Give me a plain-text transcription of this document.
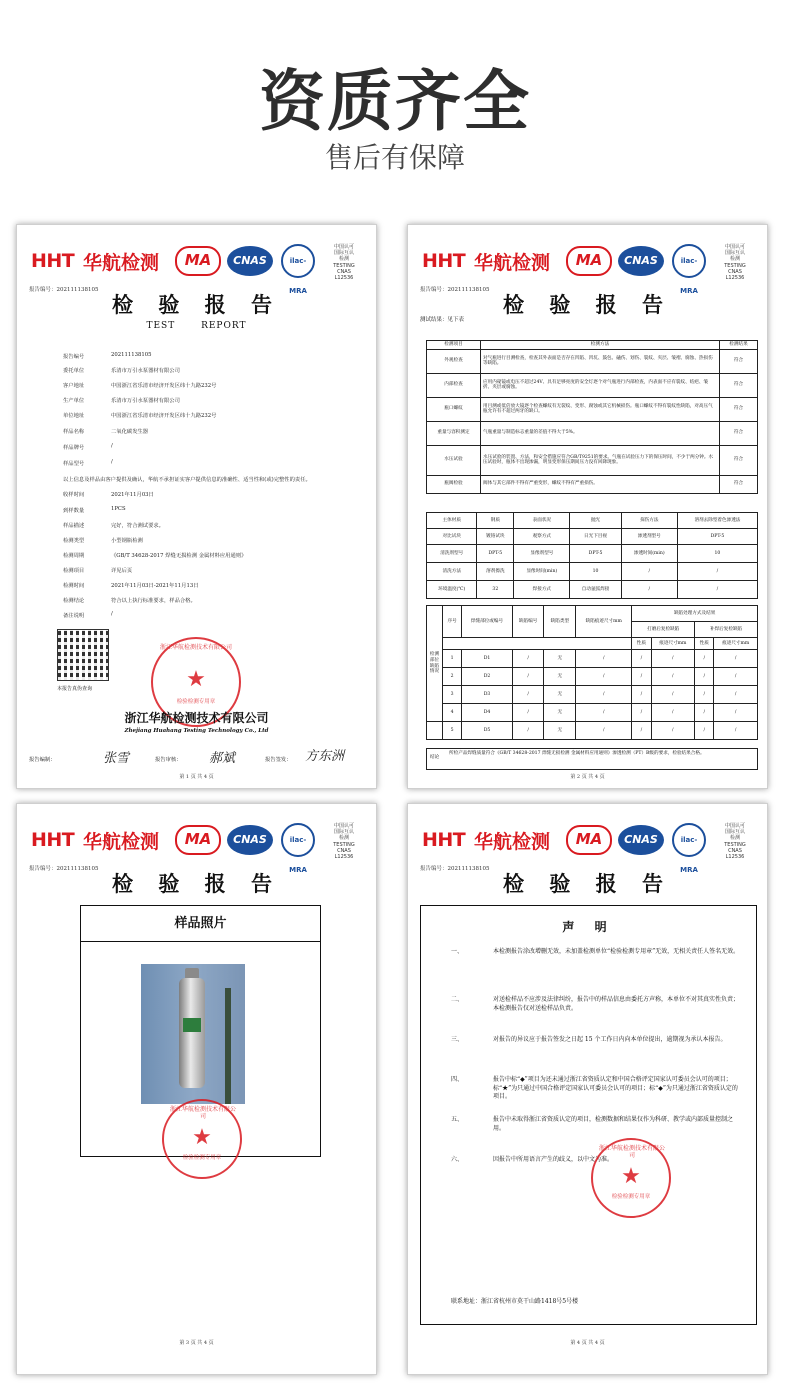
资质齐全
售后有保障
HHT 华航检测	MA	CNAS	ilac-MRA
中国认可
国际互认
检测
TESTING
CNAS
L12536
报告编号：202111138105
检 验 报 告
TEST REPORT
报告编号	202111138105
委托单位	乐清市万引水泵器材有限公司
客户地址	中国浙江省乐清市经济开发区纬十九路232号
生产单位	乐清市万引水泵器材有限公司
单位地址	中国浙江省乐清市经济开发区纬十九路232号
样品名称	二氧化碳发生器
样品牌号	/
样品型号	/
以上信息及样品由客户提供及确认，华航不承担证实客户提供信息的准确性、适当性和(或)完整性的责任。
收样时间	2021年11月03日
到样数量	1PCS
样品描述	完好，符合测试要求。
检测类型	小型钢瓶检测
检测周期	《GB/T 34628-2017 焊缝无损检测 金属材料应用通则》
检测项目	详见后页
检测时间	2021年11月03日-2021年11月13日
检测结论	符合以上执行标准要求，样品合格。
备注说明	/
本报告真伪查询
浙江华航检测技术有限公司
★
检验检测专用章
浙江华航检测技术有限公司
Zhejiang Huahang Testing Technology Co., Ltd
报告编制：	张雪	报告审核： 郝斌	报告签发： 方东洲
第 1 页 共 4 页
HHT 华航检测	MA	CNAS	ilac-MRA
中国认可
国际互认
检测
TESTING
CNAS
L12536
报告编号：202111138105
检 验 报 告
测试结果：见下表
检测项目	检测方法	检测结果
外观检查	对气瓶进行目测检查，检查其外表面是否存在凹陷、凹坑、鼓包、磕伤、划伤、裂纹、夹层、皱褶、腐蚀、热损伤等缺陷。	符合
内部检查	应用内窥镜或电压不超过24V、具有足够亮度的安全灯逐个对气瓶进行内部检查，内表面不应有裂纹、结疤、皱折、夹层或腐蚀。	符合
瓶口螺纹	用目测或低倍放大镜逐个检查螺纹有无裂纹、变形、腐蚀或其它机械损伤。瓶口螺纹不得有裂纹性缺陷，对高压气瓶允许有不超过两牙的缺口。	符合
重量与容积测定	气瓶重量与制造标志重量的差值不得大于5%。	符合
水压试验	水压试验的装置、方法，和安全措施应符合GB/T9251的要求。气瓶在试验压力下的保压时间，不少于两分钟。水压试验时，瓶体不出现渗漏，明显变形保压期间压力没有回降现象。	符合
瓶阀检验	阀体与其它部件不得有严重变形，螺纹不得有严重损伤。	符合
主体材质	钢质	表面状况	抛光	探伤方法	溶剂去除型着色渗透法
对比试块	镀铬试块	观察方式	日光下目视	渗透剂型号	DPT-5
清洗剂型号	DPT-5	显像剂型号	DPT-5	渗透时间(min)	10
清洗方法	溶剂擦洗	显像时间(min)	10	/	/
环境温度(℃)	32	焊接方式	自动氩弧焊接	/	/
检测部位缺陷情况	序号	焊缝部位或编号	缺陷编号	缺陷类型	缺陷痕迹尺寸mm	缺陷处理方式及结果			
						打磨后复检缺陷		补焊后复检缺陷	
						性质	痕迹尺寸mm	性质	痕迹尺寸mm
	1	D1	/	无	/	/	/	/	/
	2	D2	/	无	/	/	/	/	/
	3	D3	/	无	/	/	/	/	/
	4	D4	/	无	/	/	/	/	/
	5	D5	/	无	/	/	/	/	/
结论
所检产品焊缝质量符合《GB/T 34628-2017 焊缝无损检测 金属材料应用通则》渗透检测（PT）B级的要求，检验结果合格。
第 2 页 共 4 页
HHT 华航检测	MA	CNAS	ilac-MRA
中国认可
国际互认
检测
TESTING
CNAS
L12536
报告编号：202111138105
检 验 报 告
样品照片
浙江华航检测技术有限公司
★
检验检测专用章
第 3 页 共 4 页
HHT 华航检测	MA	CNAS	ilac-MRA
中国认可
国际互认
检测
TESTING
CNAS
L12536
报告编号：202111138105
检 验 报 告
声 明
一、	本检测报告涂改增删无效，未加盖检测单位“检验检测专用章”无效，无相关责任人签名无效。
二、	对送检样品不应涉及法律纠纷，报告中的样品信息由委托方声称，本单位不对其真实性负责；本检测报告仅对送检样品负责。
三、	对报告的异议应于报告签发之日起 15 个工作日内向本单位提出，逾期视为承认本报告。
四、	报告中标“◆”项目为还未通过浙江省资质认定和中国合格评定国家认可委员会认可的项目；标“★”为只通过中国合格评定国家认可委员会认可的项目；标“◆”为只通过浙江省资质认定的项目。
五、	报告中未取得浙江省资质认定的项目，检测数据和结果仅作为科研、教学或内部质量控制之用。
六、	因报告中所用语言产生的歧义，以中文为准。
联系地址：浙江省杭州市莫干山路1418号5号楼
浙江华航检测技术有限公司
★
检验检测专用章
第 4 页 共 4 页
